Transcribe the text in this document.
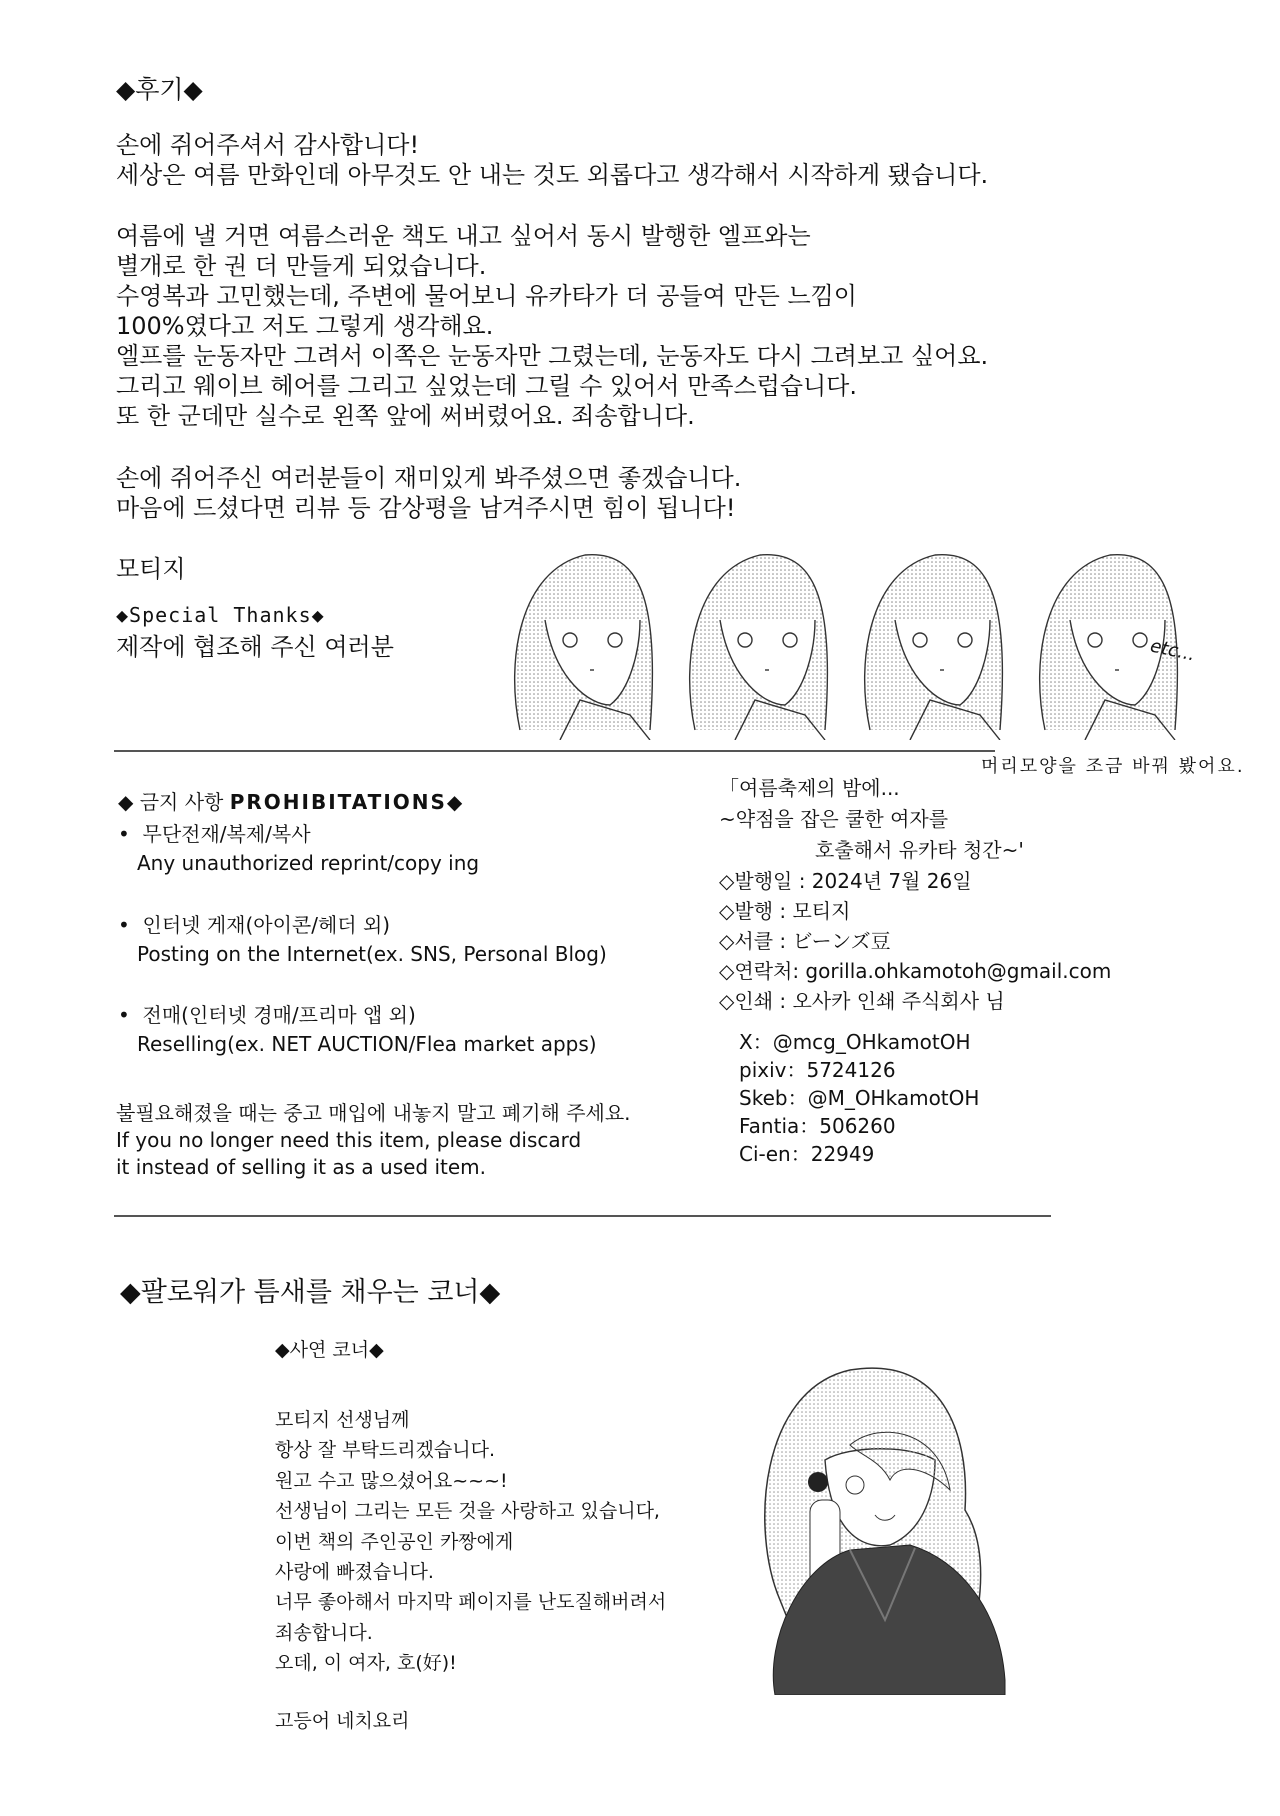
◆후기◆
손에 쥐어주셔서 감사합니다!
세상은 여름 만화인데 아무것도 안 내는 것도 외롭다고 생각해서 시작하게 됐습니다.
여름에 낼 거면 여름스러운 책도 내고 싶어서 동시 발행한 엘프와는
별개로 한 권 더 만들게 되었습니다.
수영복과 고민했는데, 주변에 물어보니 유카타가 더 공들여 만든 느낌이
100%였다고 저도 그렇게 생각해요.
엘프를 눈동자만 그려서 이쪽은 눈동자만 그렸는데, 눈동자도 다시 그려보고 싶어요.
그리고 웨이브 헤어를 그리고 싶었는데 그릴 수 있어서 만족스럽습니다.
또 한 군데만 실수로 왼쪽 앞에 써버렸어요. 죄송합니다.
손에 쥐어주신 여러분들이 재미있게 봐주셨으면 좋겠습니다.
마음에 드셨다면 리뷰 등 감상평을 남겨주시면 힘이 됩니다!
모티지
◆Special Thanks◆
제작에 협조해 주신 여러분	etc...
머리모양을 조금 바꿔 봤어요.
◆ 금지 사항 PROHIBITATIONS◆
• 무단전재/복제/복사
Any unauthorized reprint/copy ing
• 인터넷 게재(아이콘/헤더 외)
Posting on the Internet(ex. SNS, Personal Blog)
• 전매(인터넷 경매/프리마 앱 외)
Reselling(ex. NET AUCTION/Flea market apps)
불필요해졌을 때는 중고 매입에 내놓지 말고 폐기해 주세요.
If you no longer need this item, please discard
it instead of selling it as a used item.
「여름축제의 밤에...
~약점을 잡은 쿨한 여자를
호출해서 유카타 청간~'
◇발행일 : 2024년 7월 26일
◇발행 : 모티지
◇서클 : ビーンズ豆
◇연락처: gorilla.ohkamotoh@gmail.com
◇인쇄 : 오사카 인쇄 주식회사 님
X：@mcg_OHkamotOH
pixiv：5724126
Skeb：@M_OHkamotOH
Fantia：506260
Ci-en：22949
◆팔로워가 틈새를 채우는 코너◆
◆사연 코너◆
모티지 선생님께
항상 잘 부탁드리겠습니다.
원고 수고 많으셨어요~~~!
선생님이 그리는 모든 것을 사랑하고 있습니다,
이번 책의 주인공인 카짱에게
사랑에 빠졌습니다.
너무 좋아해서 마지막 페이지를 난도질해버려서
죄송합니다.
오데, 이 여자, 호(好)!
고등어 네치요리
